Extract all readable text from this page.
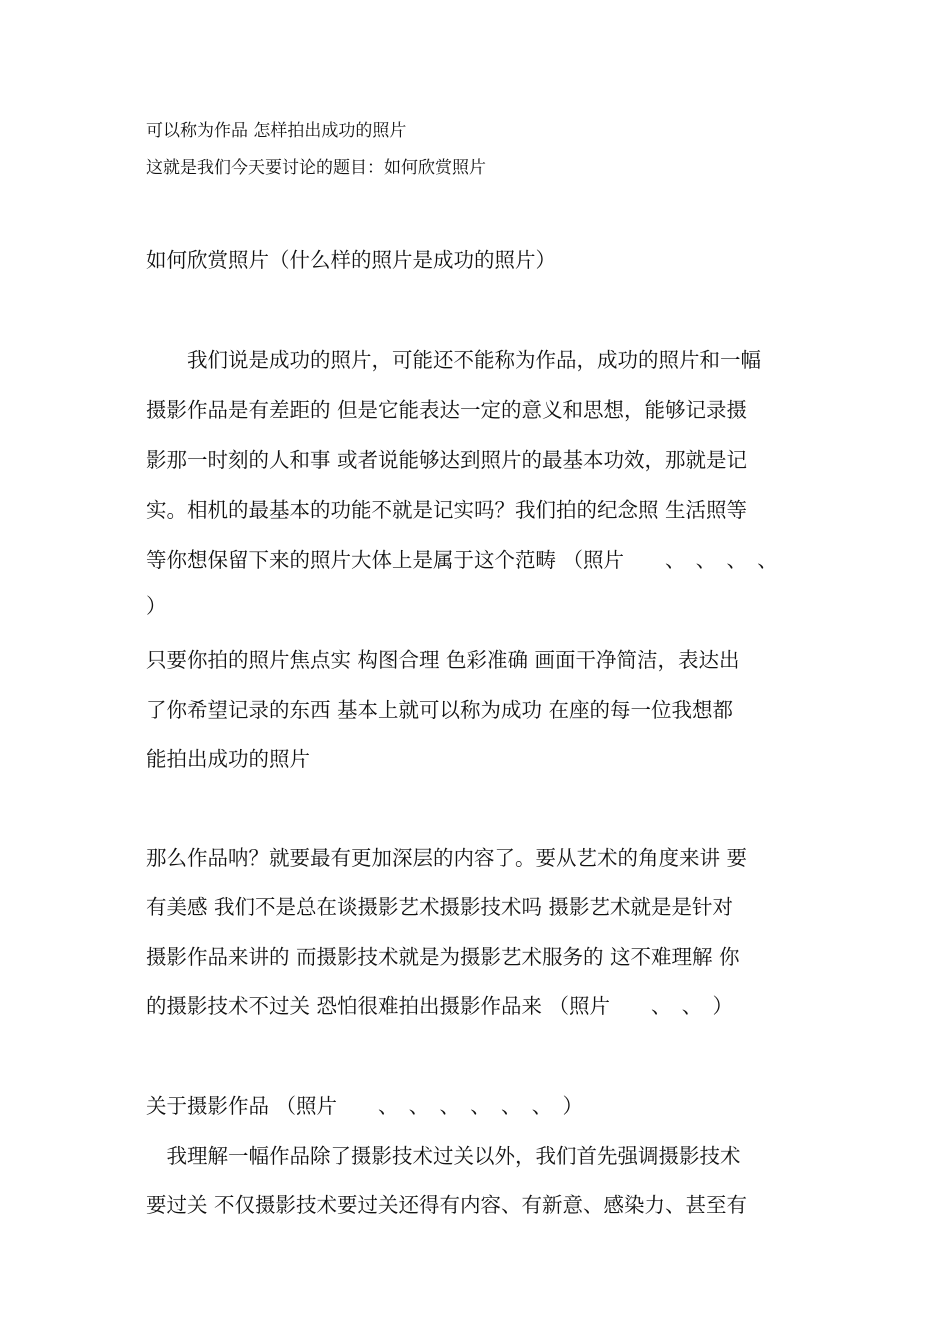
可以称为作品 怎样拍出成功的照片
这就是我们今天要讨论的题目：如何欣赏照片
如何欣赏照片（什么样的照片是成功的照片）
　　我们说是成功的照片，可能还不能称为作品，成功的照片和一幅
摄影作品是有差距的 但是它能表达一定的意义和思想，能够记录摄
影那一时刻的人和事 或者说能够达到照片的最基本功效，那就是记
实。相机的最基本的功能不就是记实吗？我们拍的纪念照 生活照等
等你想保留下来的照片大体上是属于这个范畴 （照片　　、　、　、　、
）
只要你拍的照片焦点实 构图合理 色彩准确 画面干净简洁，表达出
了你希望记录的东西 基本上就可以称为成功 在座的每一位我想都
能拍出成功的照片
那么作品呐？就要最有更加深层的内容了。要从艺术的角度来讲 要
有美感 我们不是总在谈摄影艺术摄影技术吗 摄影艺术就是是针对
摄影作品来讲的 而摄影技术就是为摄影艺术服务的 这不难理解 你
的摄影技术不过关 恐怕很难拍出摄影作品来 （照片　　、　、　）
关于摄影作品 （照片　　、　、　、　、　、　、　）
　我理解一幅作品除了摄影技术过关以外，我们首先强调摄影技术
要过关 不仅摄影技术要过关还得有内容、有新意、感染力、甚至有
